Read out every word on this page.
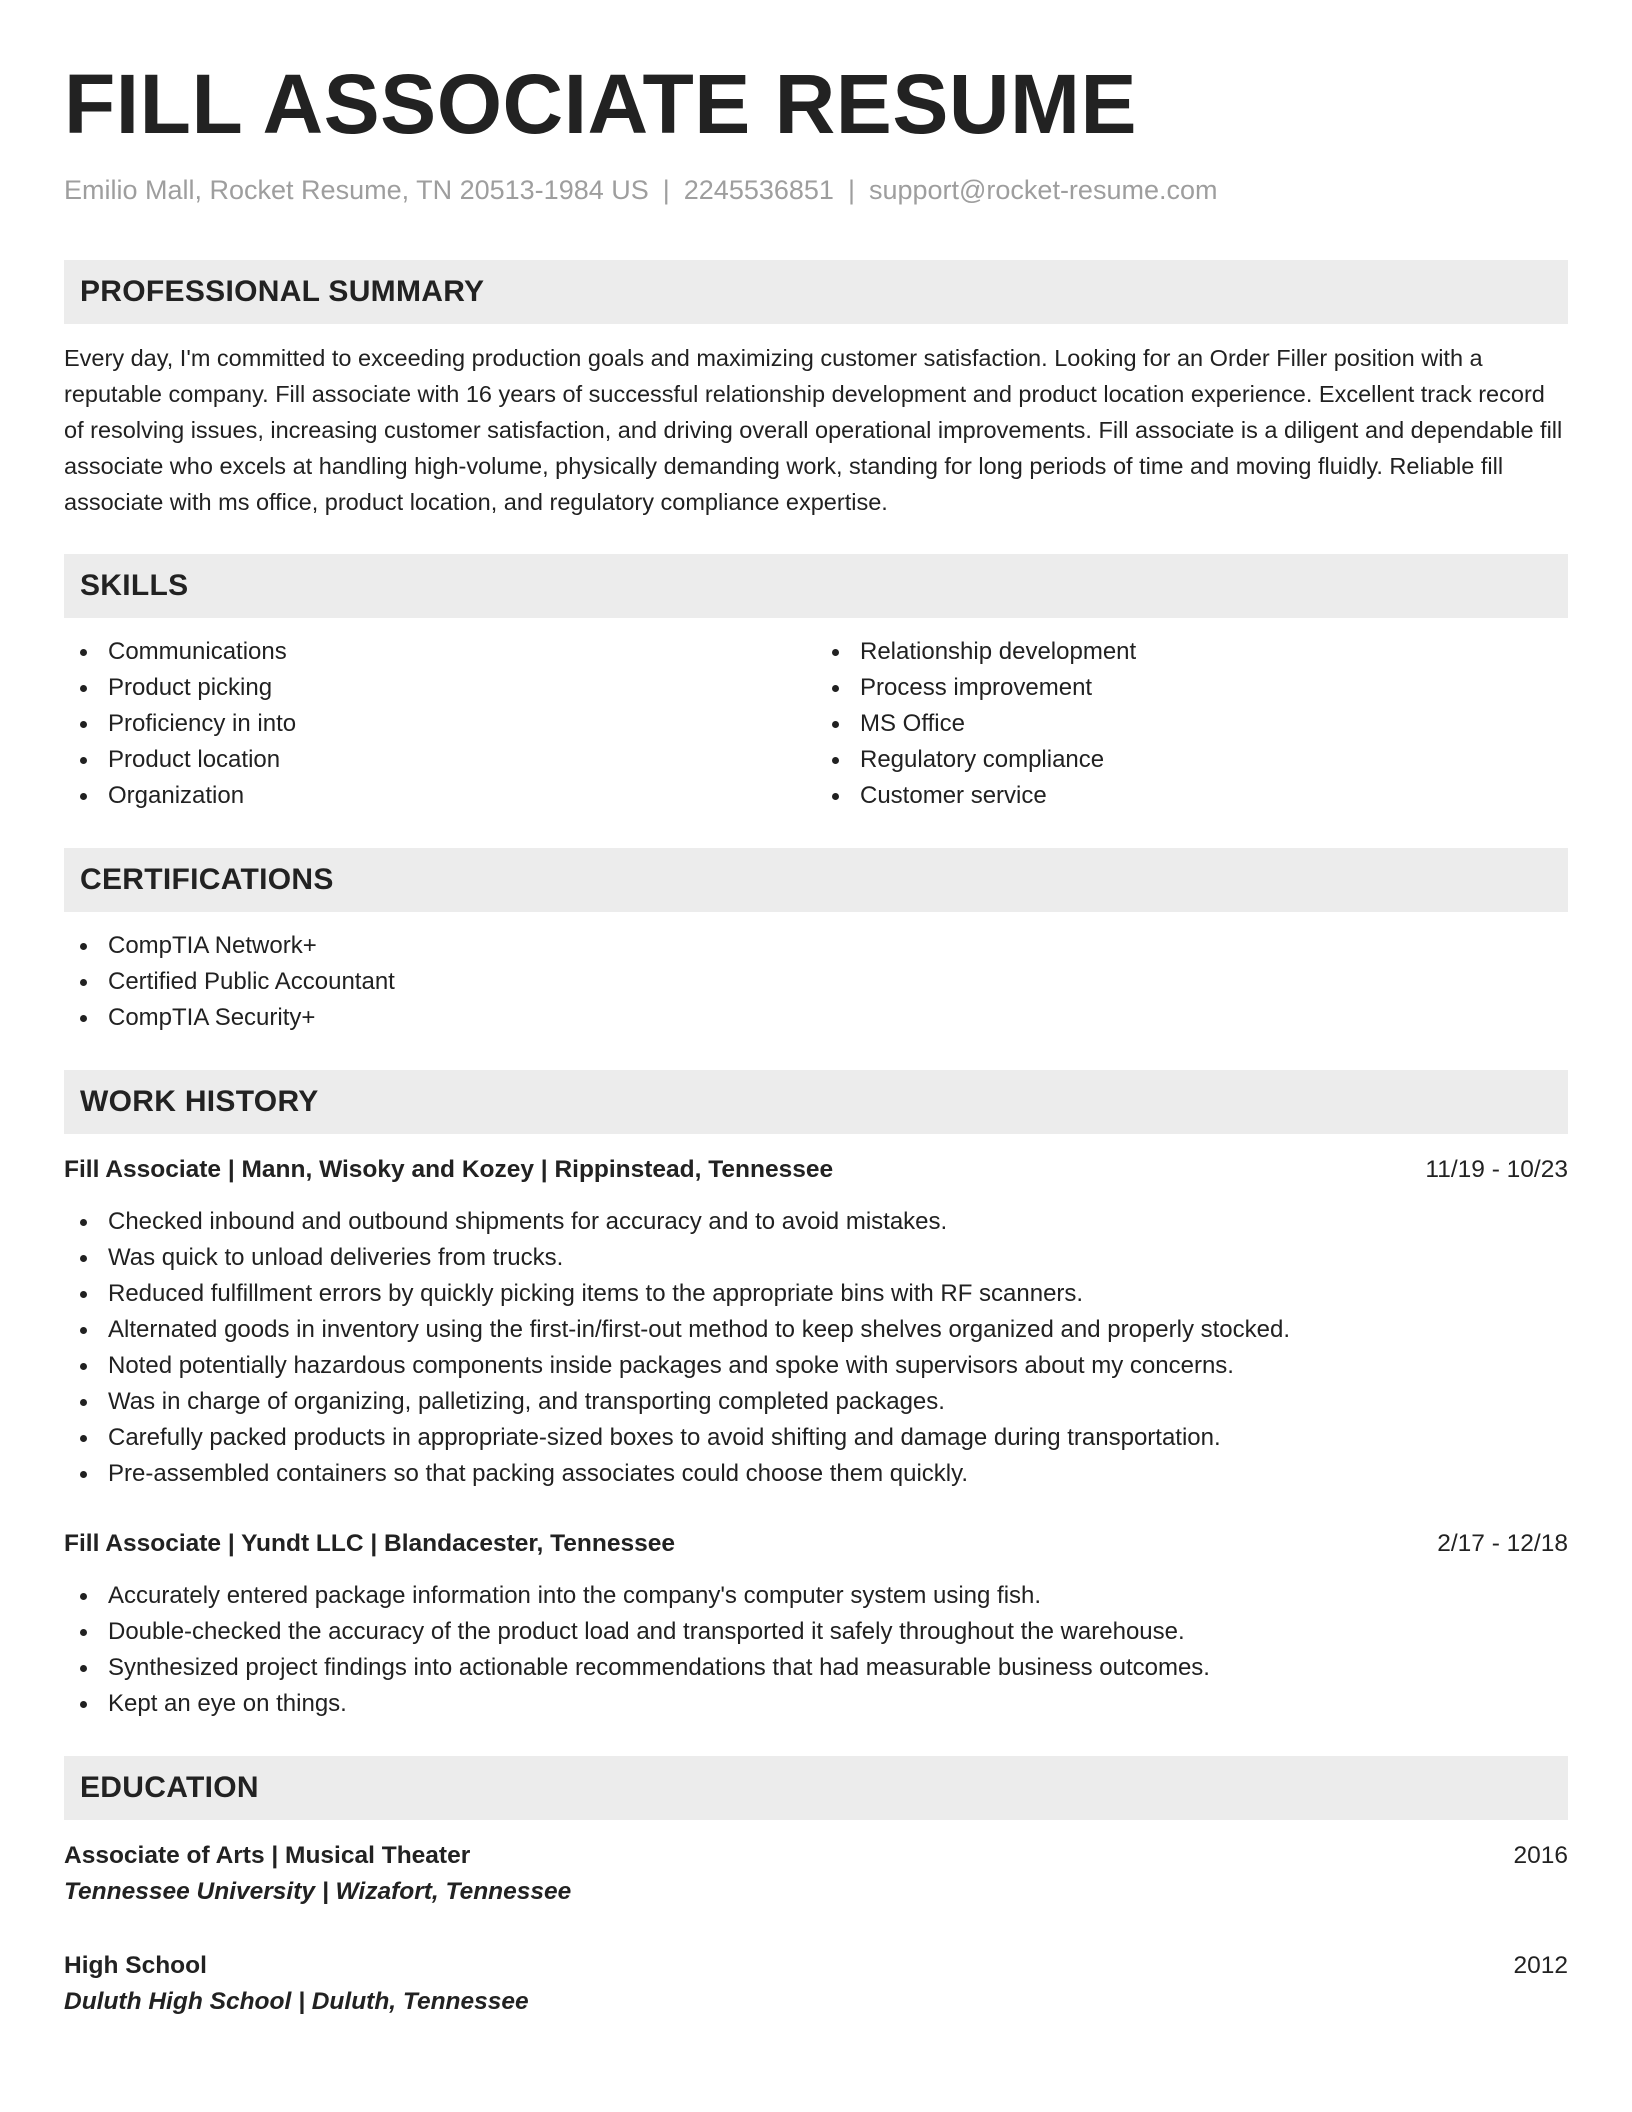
FILL ASSOCIATE RESUME
Emilio Mall, Rocket Resume, TN 20513-1984 US | 2245536851 | support@rocket-resume.com
PROFESSIONAL SUMMARY
Every day, I'm committed to exceeding production goals and maximizing customer satisfaction. Looking for an Order Filler position with a reputable company. Fill associate with 16 years of successful relationship development and product location experience. Excellent track record of resolving issues, increasing customer satisfaction, and driving overall operational improvements. Fill associate is a diligent and dependable fill associate who excels at handling high-volume, physically demanding work, standing for long periods of time and moving fluidly. Reliable fill associate with ms office, product location, and regulatory compliance expertise.
SKILLS
Communications
Product picking
Proficiency in into
Product location
Organization
Relationship development
Process improvement
MS Office
Regulatory compliance
Customer service
CERTIFICATIONS
CompTIA Network+
Certified Public Accountant
CompTIA Security+
WORK HISTORY
Fill Associate | Mann, Wisoky and Kozey | Rippinstead, Tennessee	11/19 - 10/23
Checked inbound and outbound shipments for accuracy and to avoid mistakes.
Was quick to unload deliveries from trucks.
Reduced fulfillment errors by quickly picking items to the appropriate bins with RF scanners.
Alternated goods in inventory using the first-in/first-out method to keep shelves organized and properly stocked.
Noted potentially hazardous components inside packages and spoke with supervisors about my concerns.
Was in charge of organizing, palletizing, and transporting completed packages.
Carefully packed products in appropriate-sized boxes to avoid shifting and damage during transportation.
Pre-assembled containers so that packing associates could choose them quickly.
Fill Associate | Yundt LLC | Blandacester, Tennessee	2/17 - 12/18
Accurately entered package information into the company's computer system using fish.
Double-checked the accuracy of the product load and transported it safely throughout the warehouse.
Synthesized project findings into actionable recommendations that had measurable business outcomes.
Kept an eye on things.
EDUCATION
Associate of Arts | Musical Theater	2016
Tennessee University | Wizafort, Tennessee
High School	2012
Duluth High School | Duluth, Tennessee
